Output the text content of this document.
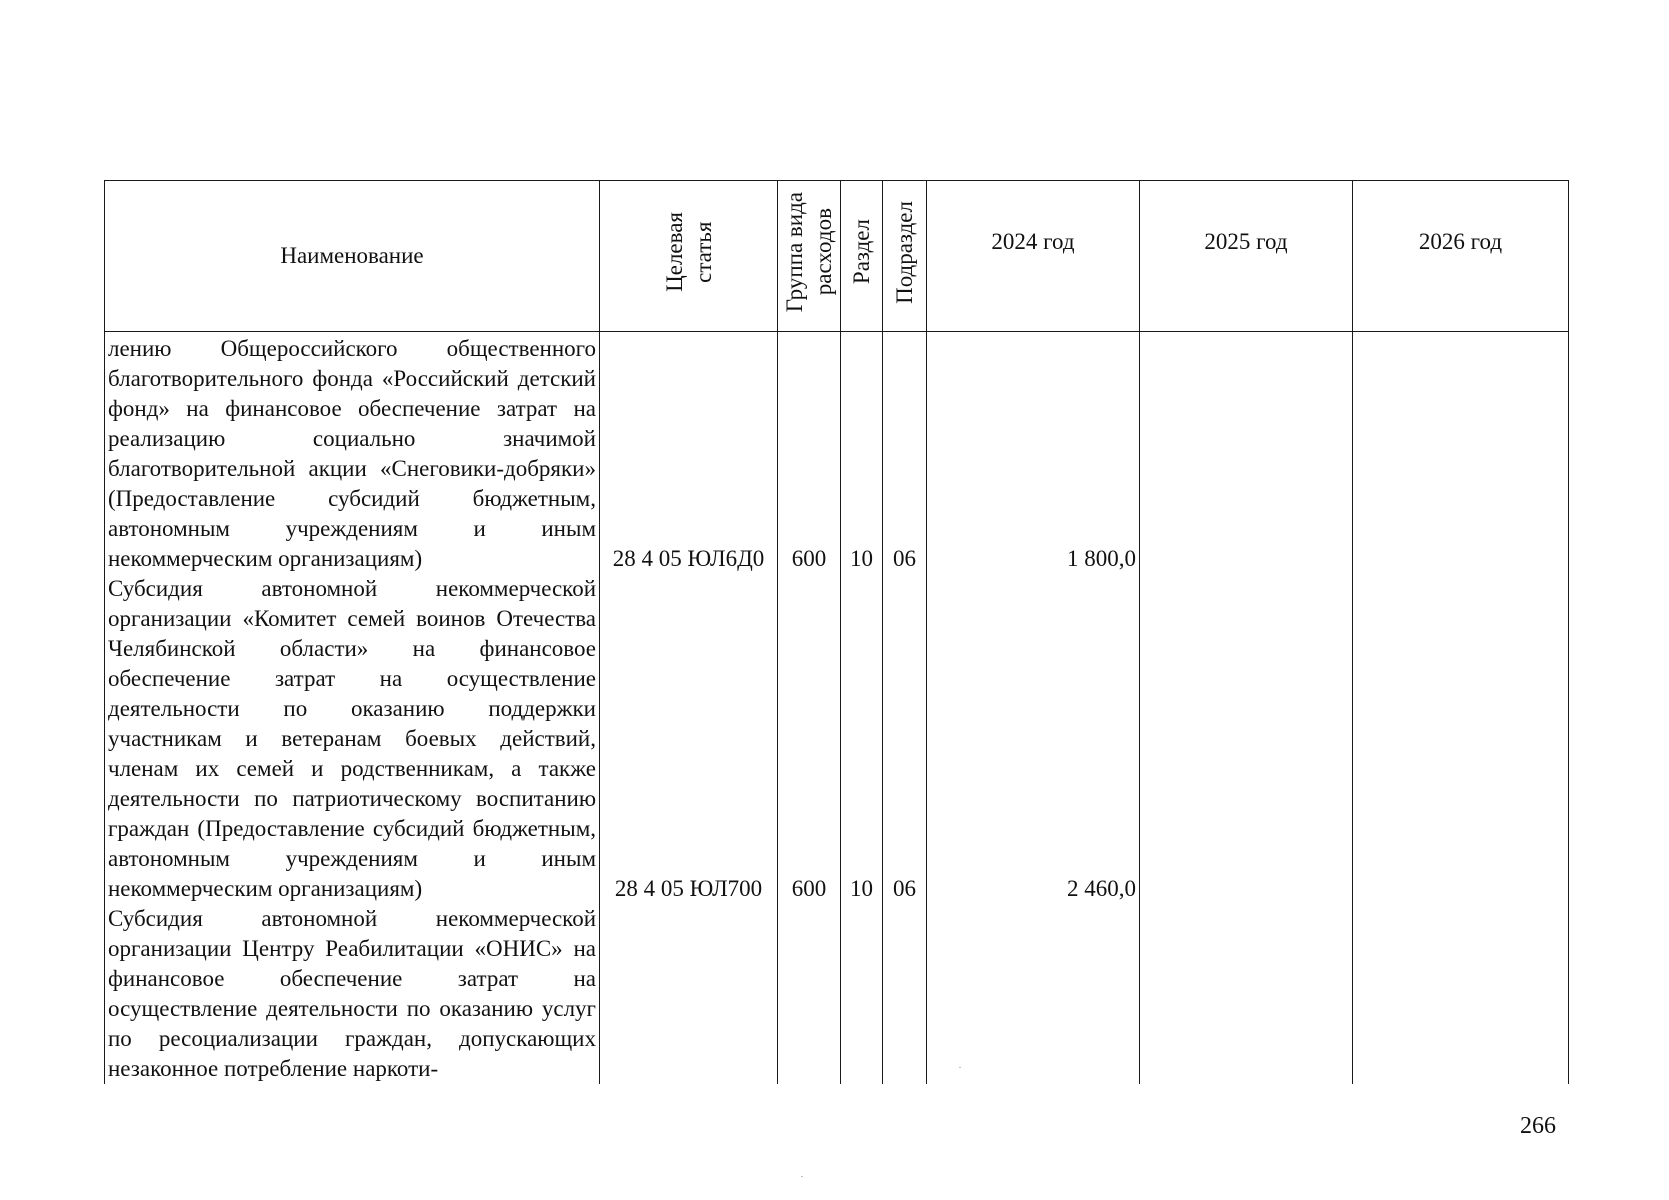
Наименование	Целевая статья	Группа вида расходов	Раздел	Подраздел	2024 год	2025 год	2026 год
лению Общероссийского общественного благотворительного фонда «Российский детский фонд» на финансовое обеспечение затрат на реализацию социально значимой благотворительной акции «Снеговики-добряки» (Предоставление субсидий бюджетным, автономным учреждениям и иным некоммерческим организациям)	28 4 05 ЮЛ6Д0	600	10	06	1 800,0		
Субсидия автономной некоммерческой организации «Комитет семей воинов Отечества Челябинской области» на финансовое обеспечение затрат на осуществление деятельности по оказанию поддержки участникам и ветеранам боевых действий, членам их семей и родственникам, а также деятельности по патриотическому воспитанию граждан (Предоставление субсидий бюджетным, автономным учреждениям и иным некоммерческим организациям)	28 4 05 ЮЛ700	600	10	06	2 460,0		
Субсидия автономной некоммерческой организации Центру Реабилитации «ОНИС» на финансовое обеспечение затрат на осуществление деятельности по оказанию услуг по ресоциализации граждан, допускающих незаконное потребление наркоти-							
266
